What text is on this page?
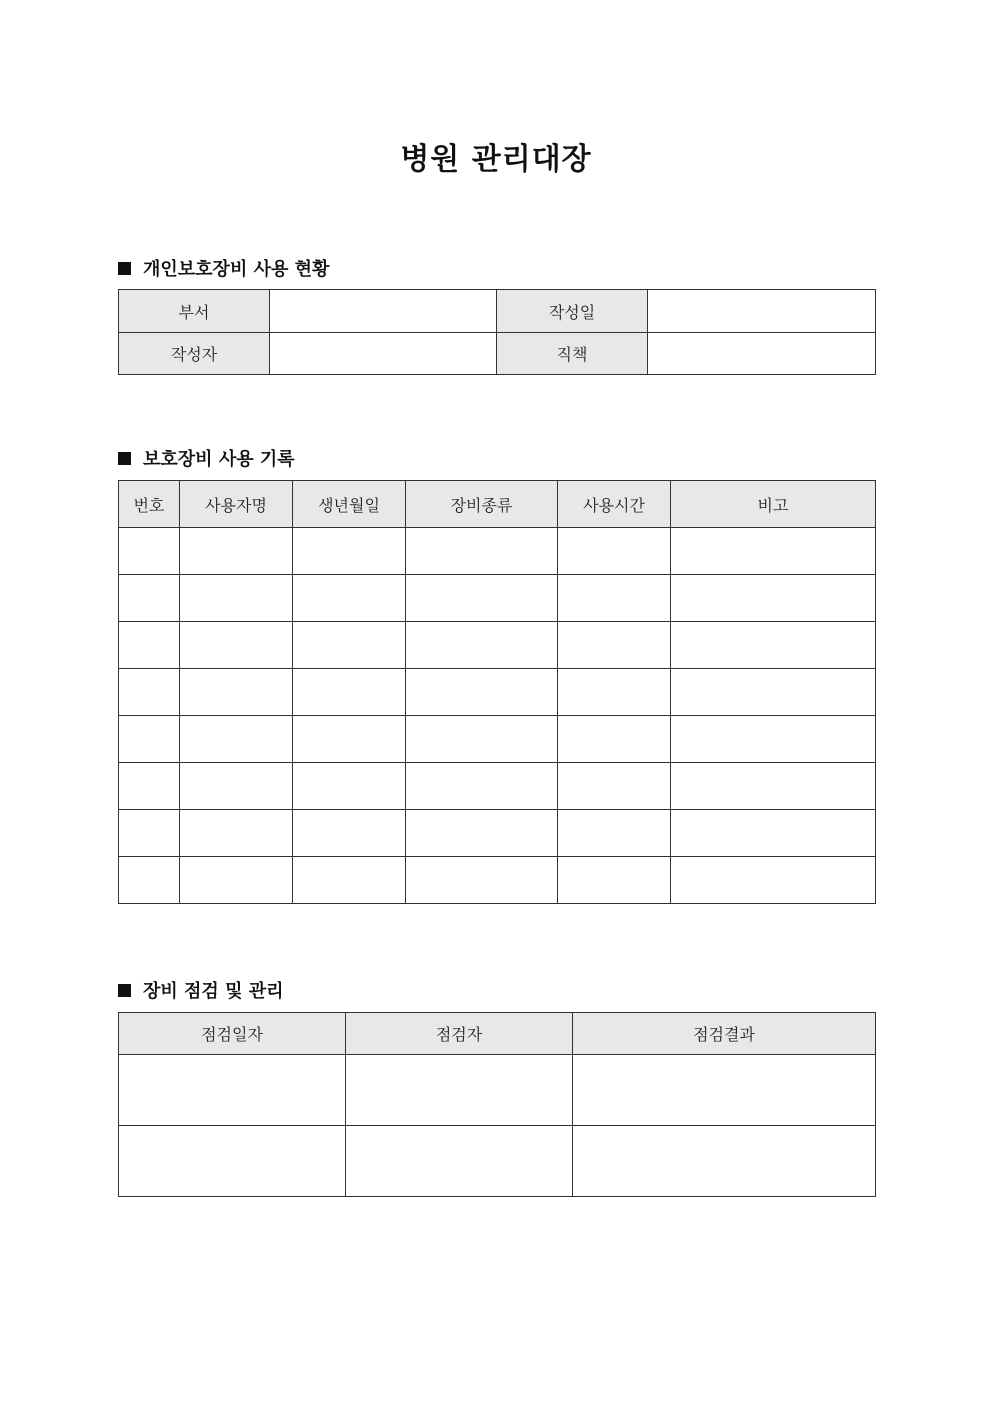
병원 관리대장
개인보호장비 사용 현황
부서		작성일	
작성자		직책	
보호장비 사용 기록
번호	사용자명	생년월일	장비종류	사용시간	비고

장비 점검 및 관리
점검일자	점검자	점검결과
